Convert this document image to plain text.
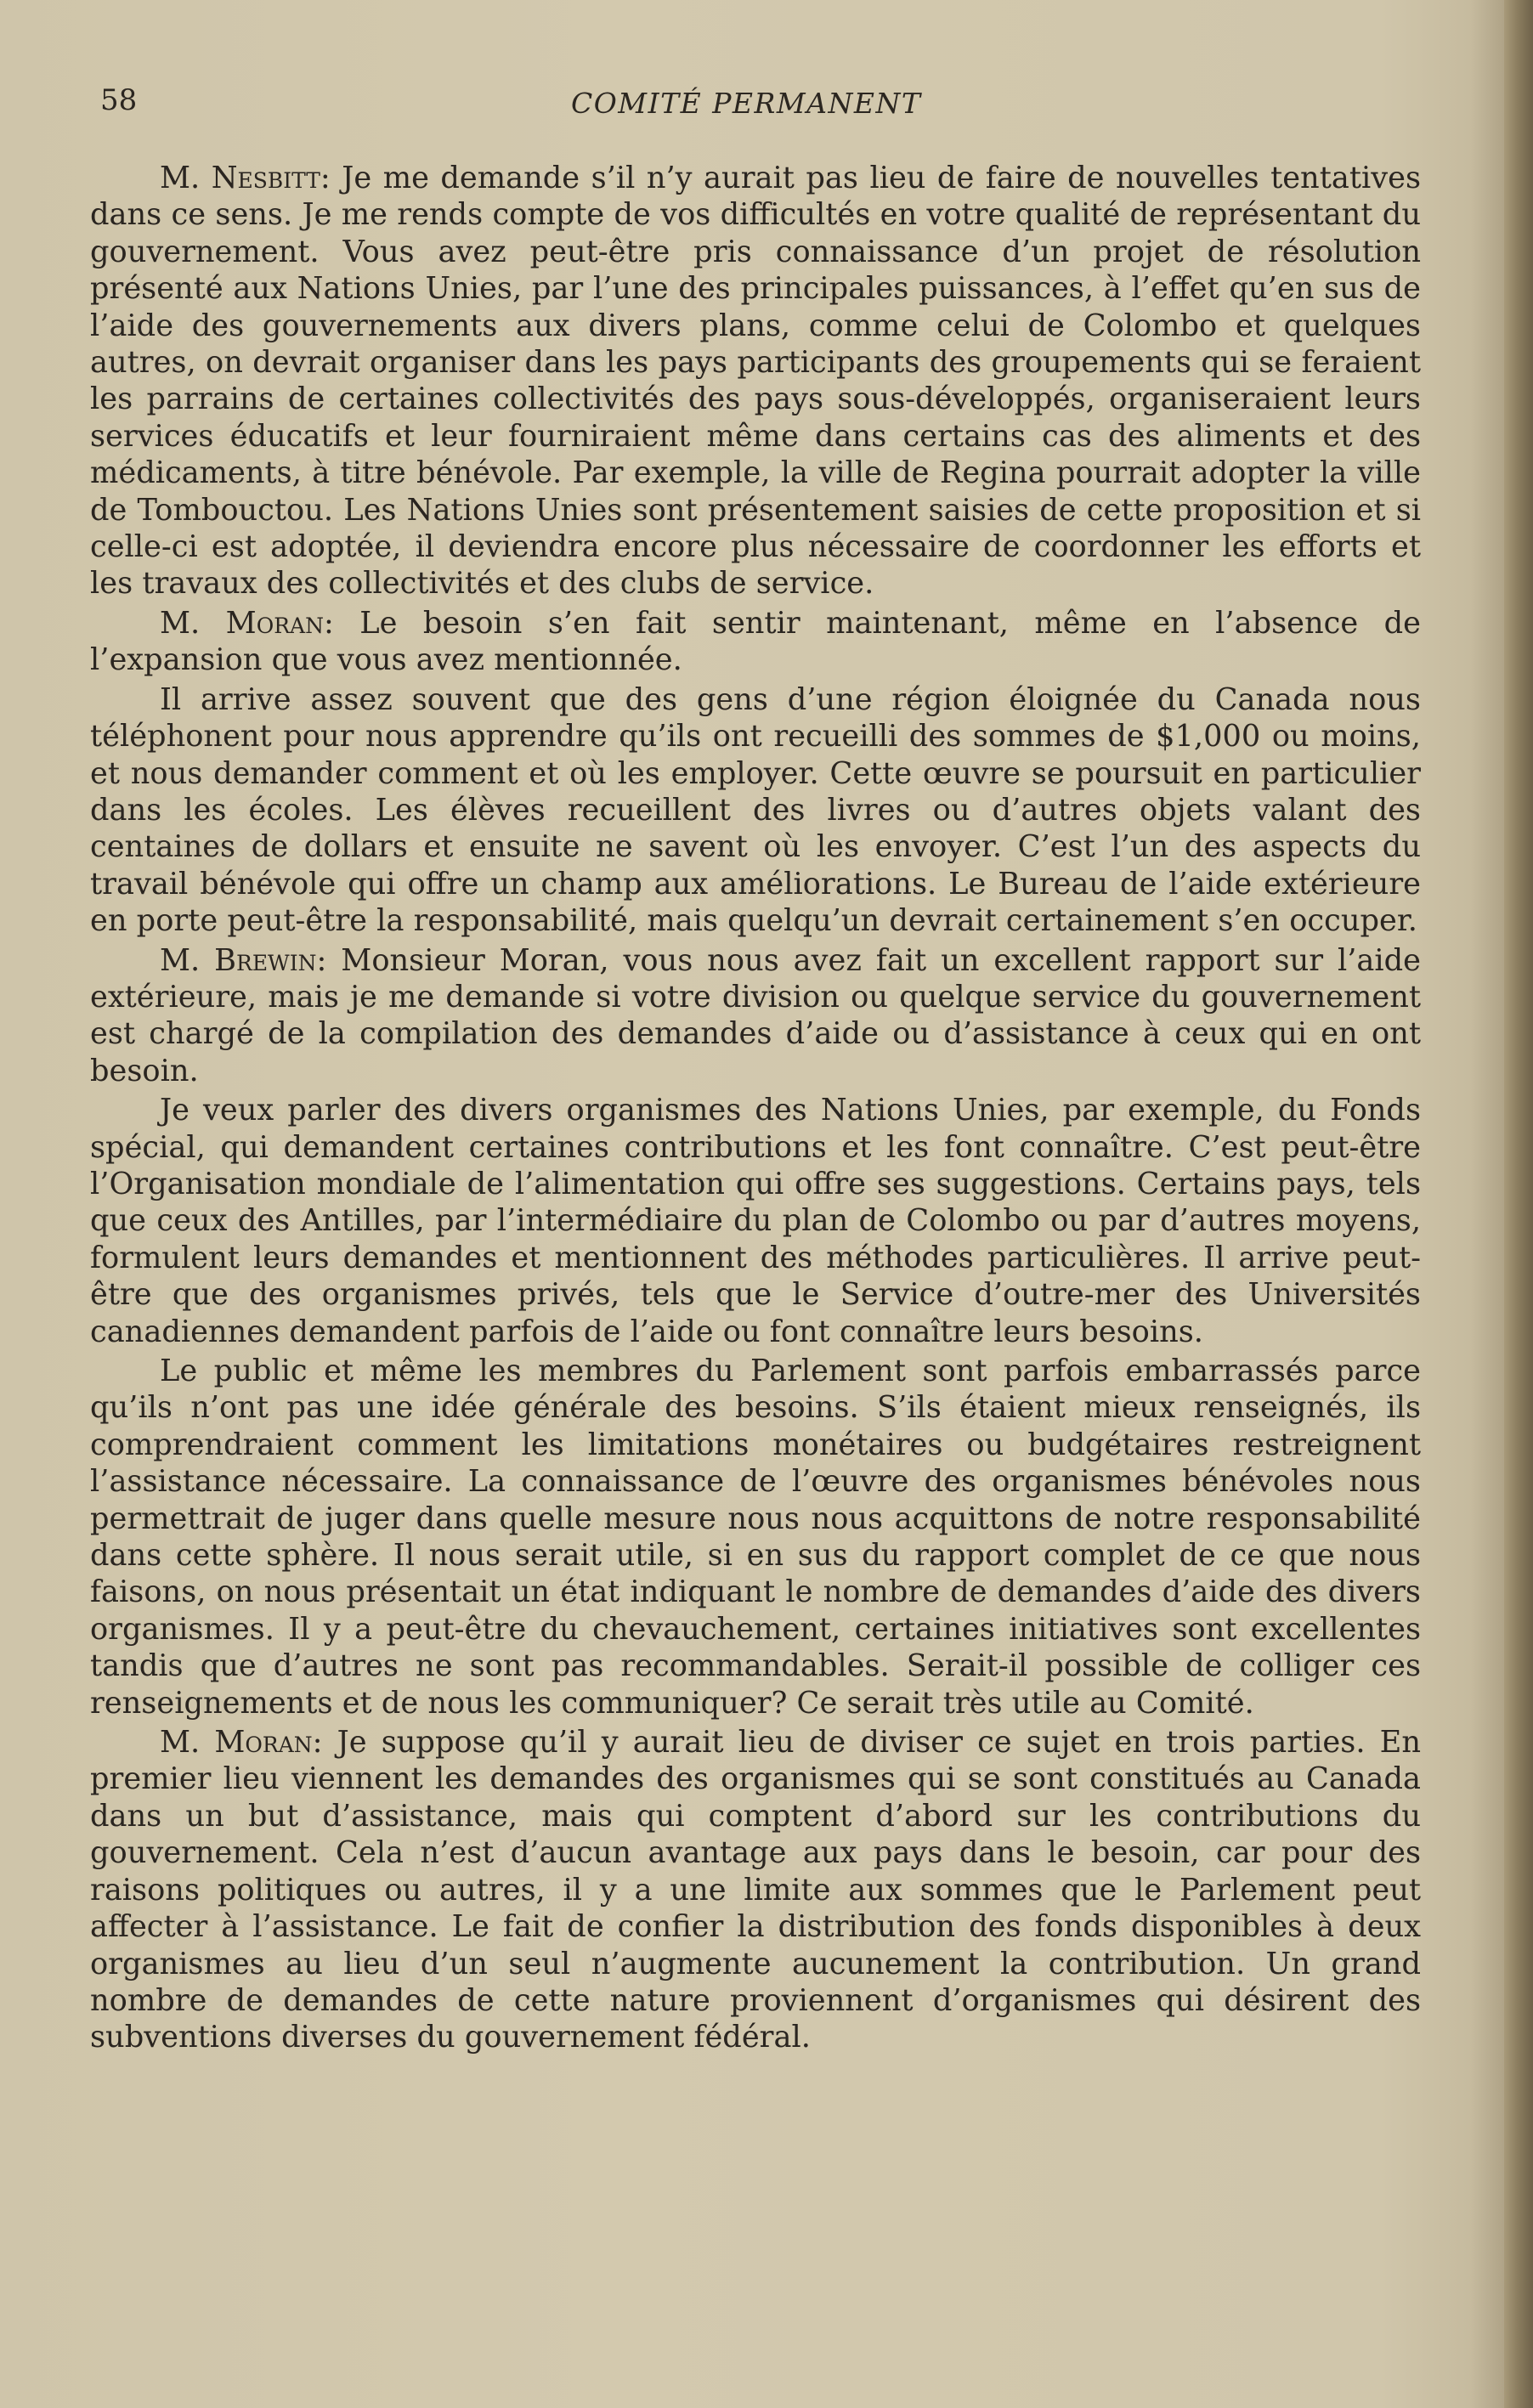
58	COMITÉ PERMANENT

M. Nesbitt: Je me demande s’il n’y aurait pas lieu de faire de nouvelles tentatives dans ce sens. Je me rends compte de vos difficultés en votre qualité de représentant du gouvernement. Vous avez peut-être pris connaissance d’un projet de résolution présenté aux Nations Unies, par l’une des principales puissances, à l’effet qu’en sus de l’aide des gouvernements aux divers plans, comme celui de Colombo et quelques autres, on devrait organiser dans les pays participants des groupements qui se feraient les parrains de certaines collectivités des pays sous-développés, organiseraient leurs services éducatifs et leur fourniraient même dans certains cas des aliments et des médicaments, à titre bénévole. Par exemple, la ville de Regina pourrait adopter la ville de Tombouctou. Les Nations Unies sont présentement saisies de cette proposition et si celle-ci est adoptée, il deviendra encore plus nécessaire de coordonner les efforts et les travaux des collectivités et des clubs de service.

M. Moran: Le besoin s’en fait sentir maintenant, même en l’absence de l’expansion que vous avez mentionnée.

Il arrive assez souvent que des gens d’une région éloignée du Canada nous téléphonent pour nous apprendre qu’ils ont recueilli des sommes de $1,000 ou moins, et nous demander comment et où les employer. Cette œuvre se poursuit en particulier dans les écoles. Les élèves recueillent des livres ou d’autres objets valant des centaines de dollars et ensuite ne savent où les envoyer. C’est l’un des aspects du travail bénévole qui offre un champ aux améliorations. Le Bureau de l’aide extérieure en porte peut-être la responsabilité, mais quelqu’un devrait certainement s’en occuper.

M. Brewin: Monsieur Moran, vous nous avez fait un excellent rapport sur l’aide extérieure, mais je me demande si votre division ou quelque service du gouvernement est chargé de la compilation des demandes d’aide ou d’assistance à ceux qui en ont besoin.

Je veux parler des divers organismes des Nations Unies, par exemple, du Fonds spécial, qui demandent certaines contributions et les font connaître. C’est peut-être l’Organisation mondiale de l’alimentation qui offre ses suggestions. Certains pays, tels que ceux des Antilles, par l’intermédiaire du plan de Colombo ou par d’autres moyens, formulent leurs demandes et mentionnent des méthodes particulières. Il arrive peut-être que des organismes privés, tels que le Service d’outre-mer des Universités canadiennes demandent parfois de l’aide ou font connaître leurs besoins.

Le public et même les membres du Parlement sont parfois embarrassés parce qu’ils n’ont pas une idée générale des besoins. S’ils étaient mieux renseignés, ils comprendraient comment les limitations monétaires ou budgétaires restreignent l’assistance nécessaire. La connaissance de l’œuvre des organismes bénévoles nous permettrait de juger dans quelle mesure nous nous acquittons de notre responsabilité dans cette sphère. Il nous serait utile, si en sus du rapport complet de ce que nous faisons, on nous présentait un état indiquant le nombre de demandes d’aide des divers organismes. Il y a peut-être du chevauchement, certaines initiatives sont excellentes tandis que d’autres ne sont pas recommandables. Serait-il possible de colliger ces renseignements et de nous les communiquer? Ce serait très utile au Comité.

M. Moran: Je suppose qu’il y aurait lieu de diviser ce sujet en trois parties. En premier lieu viennent les demandes des organismes qui se sont constitués au Canada dans un but d’assistance, mais qui comptent d’abord sur les contributions du gouvernement. Cela n’est d’aucun avantage aux pays dans le besoin, car pour des raisons politiques ou autres, il y a une limite aux sommes que le Parlement peut affecter à l’assistance. Le fait de confier la distribution des fonds disponibles à deux organismes au lieu d’un seul n’augmente aucunement la contribution. Un grand nombre de demandes de cette nature proviennent d’organismes qui désirent des subventions diverses du gouvernement fédéral.
